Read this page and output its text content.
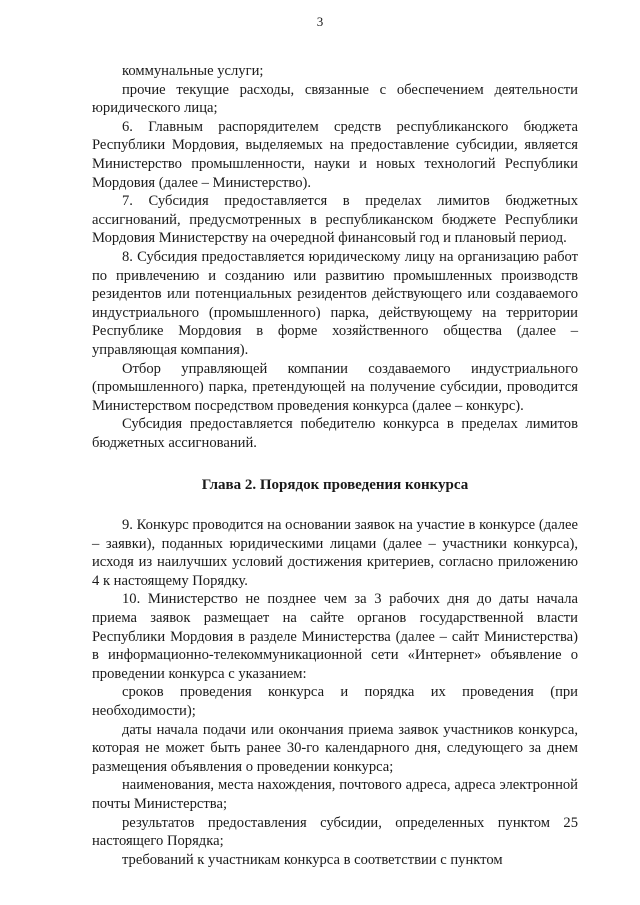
3

коммунальные услуги;

прочие текущие расходы, связанные с обеспечением деятельности юридического лица;

6. Главным распорядителем средств республиканского бюджета Республики Мордовия, выделяемых на предоставление субсидии, является Министерство промышленности, науки и новых технологий Республики Мордовия (далее – Министерство).

7. Субсидия предоставляется в пределах лимитов бюджетных ассигнований, предусмотренных в республиканском бюджете Республики Мордовия Министерству на очередной финансовый год и плановый период.

8. Субсидия предоставляется юридическому лицу на организацию работ по привлечению и созданию или развитию промышленных производств резидентов или потенциальных резидентов действующего или создаваемого индустриального (промышленного) парка, действующему на территории Республике Мордовия в форме хозяйственного общества (далее – управляющая компания).

Отбор управляющей компании создаваемого индустриального (промышленного) парка, претендующей на получение субсидии, проводится Министерством посредством проведения конкурса (далее – конкурс).

Субсидия предоставляется победителю конкурса в пределах лимитов бюджетных ассигнований.

Глава 2. Порядок проведения конкурса

9. Конкурс проводится на основании заявок на участие в конкурсе (далее – заявки), поданных юридическими лицами (далее – участники конкурса), исходя из наилучших условий достижения критериев, согласно приложению 4 к настоящему Порядку.

10. Министерство не позднее чем за 3 рабочих дня до даты начала приема заявок размещает на сайте органов государственной власти Республики Мордовия в разделе Министерства (далее – сайт Министерства) в информационно-телекоммуникационной сети «Интернет» объявление о проведении конкурса с указанием:

сроков проведения конкурса и порядка их проведения (при необходимости);

даты начала подачи или окончания приема заявок участников конкурса, которая не может быть ранее 30-го календарного дня, следующего за днем размещения объявления о проведении конкурса;

наименования, места нахождения, почтового адреса, адреса электронной почты Министерства;

результатов предоставления субсидии, определенных пунктом 25 настоящего Порядка;

требований к участникам конкурса в соответствии с пунктом
